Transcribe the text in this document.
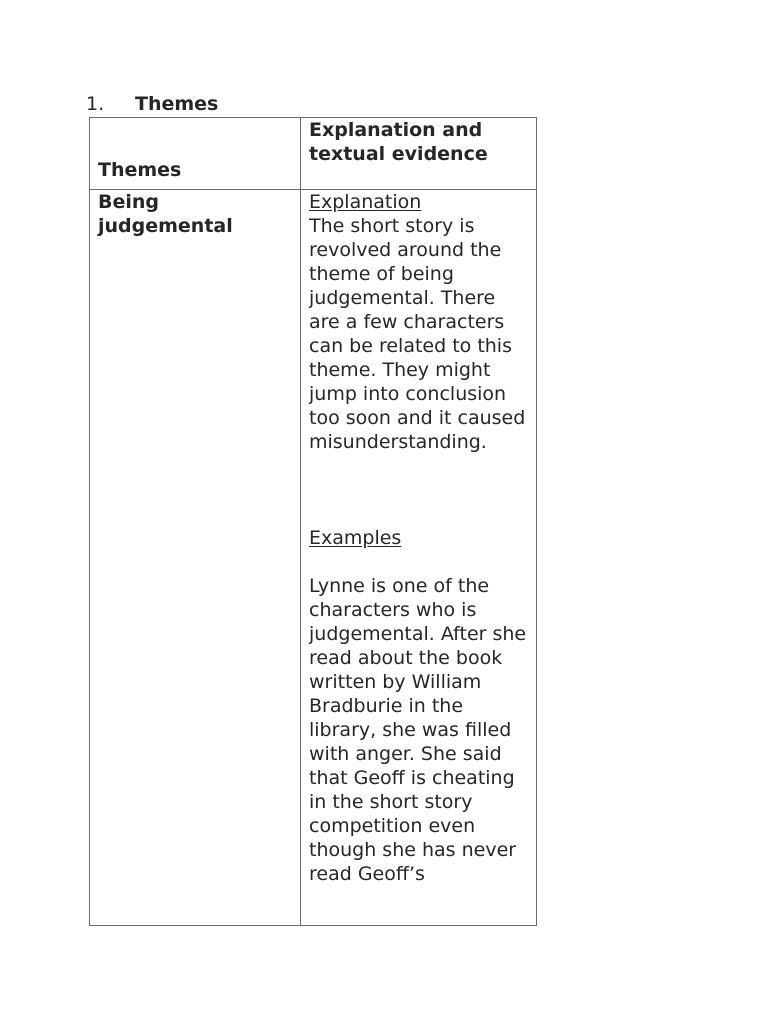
1.	Themes
Themes	Explanation and textual evidence

Being judgemental	Explanation

The short story is revolved around the theme of being judgemental. There are a few characters can be related to this theme. They might jump into conclusion too soon and it caused misunderstanding.

Examples

Lynne is one of the characters who is judgemental. After she read about the book written by William Bradburie in the library, she was filled with anger. She said that Geoff is cheating in the short story competition even though she has never read Geoff’s
